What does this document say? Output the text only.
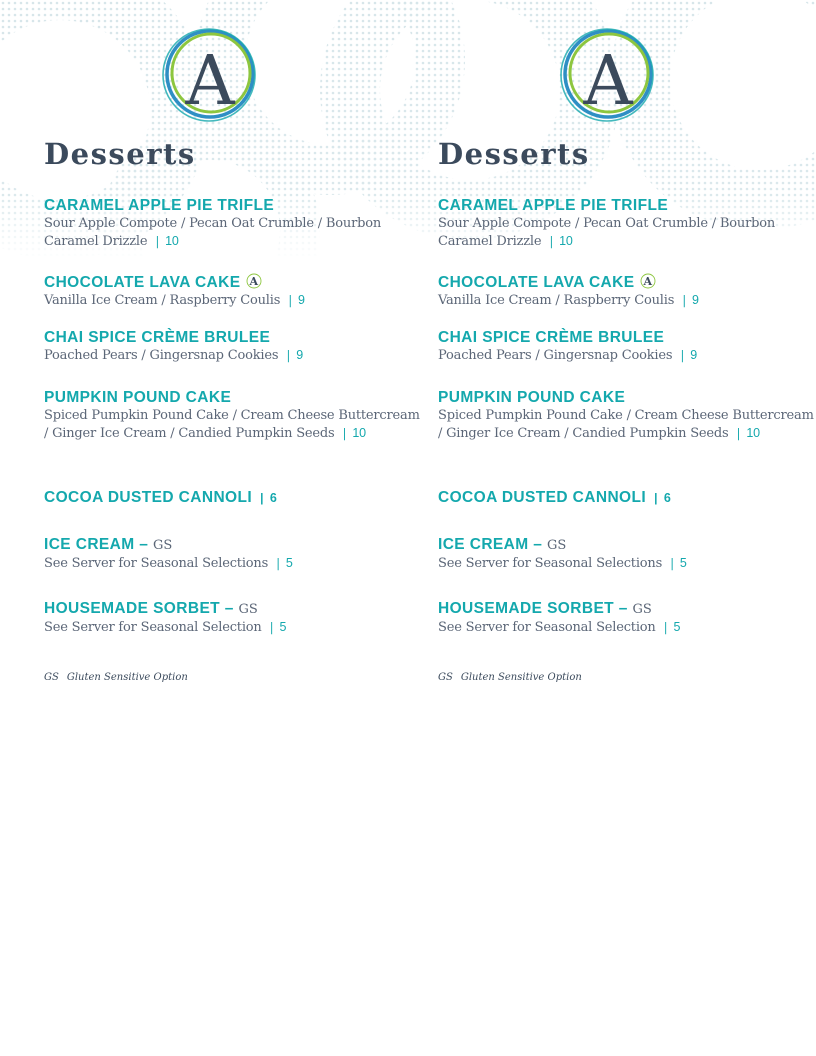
A
Desserts
CARAMEL APPLE PIE TRIFLE
Sour Apple Compote / Pecan Oat Crumble / Bourbon Caramel Drizzle | 10
CHOCOLATE LAVA CAKE A
Vanilla Ice Cream / Raspberry Coulis | 9
CHAI SPICE CRÈME BRULEE
Poached Pears / Gingersnap Cookies | 9
PUMPKIN POUND CAKE
Spiced Pumpkin Pound Cake / Cream Cheese Buttercream / Ginger Ice Cream / Candied Pumpkin Seeds | 10
COCOA DUSTED CANNOLI | 6
ICE CREAM – GS
See Server for Seasonal Selections | 5
HOUSEMADE SORBET – GS
See Server for Seasonal Selection | 5
GS Gluten Sensitive Option
A
Desserts
CARAMEL APPLE PIE TRIFLE
Sour Apple Compote / Pecan Oat Crumble / Bourbon Caramel Drizzle | 10
CHOCOLATE LAVA CAKE A
Vanilla Ice Cream / Raspberry Coulis | 9
CHAI SPICE CRÈME BRULEE
Poached Pears / Gingersnap Cookies | 9
PUMPKIN POUND CAKE
Spiced Pumpkin Pound Cake / Cream Cheese Buttercream / Ginger Ice Cream / Candied Pumpkin Seeds | 10
COCOA DUSTED CANNOLI | 6
ICE CREAM – GS
See Server for Seasonal Selections | 5
HOUSEMADE SORBET – GS
See Server for Seasonal Selection | 5
GS Gluten Sensitive Option
